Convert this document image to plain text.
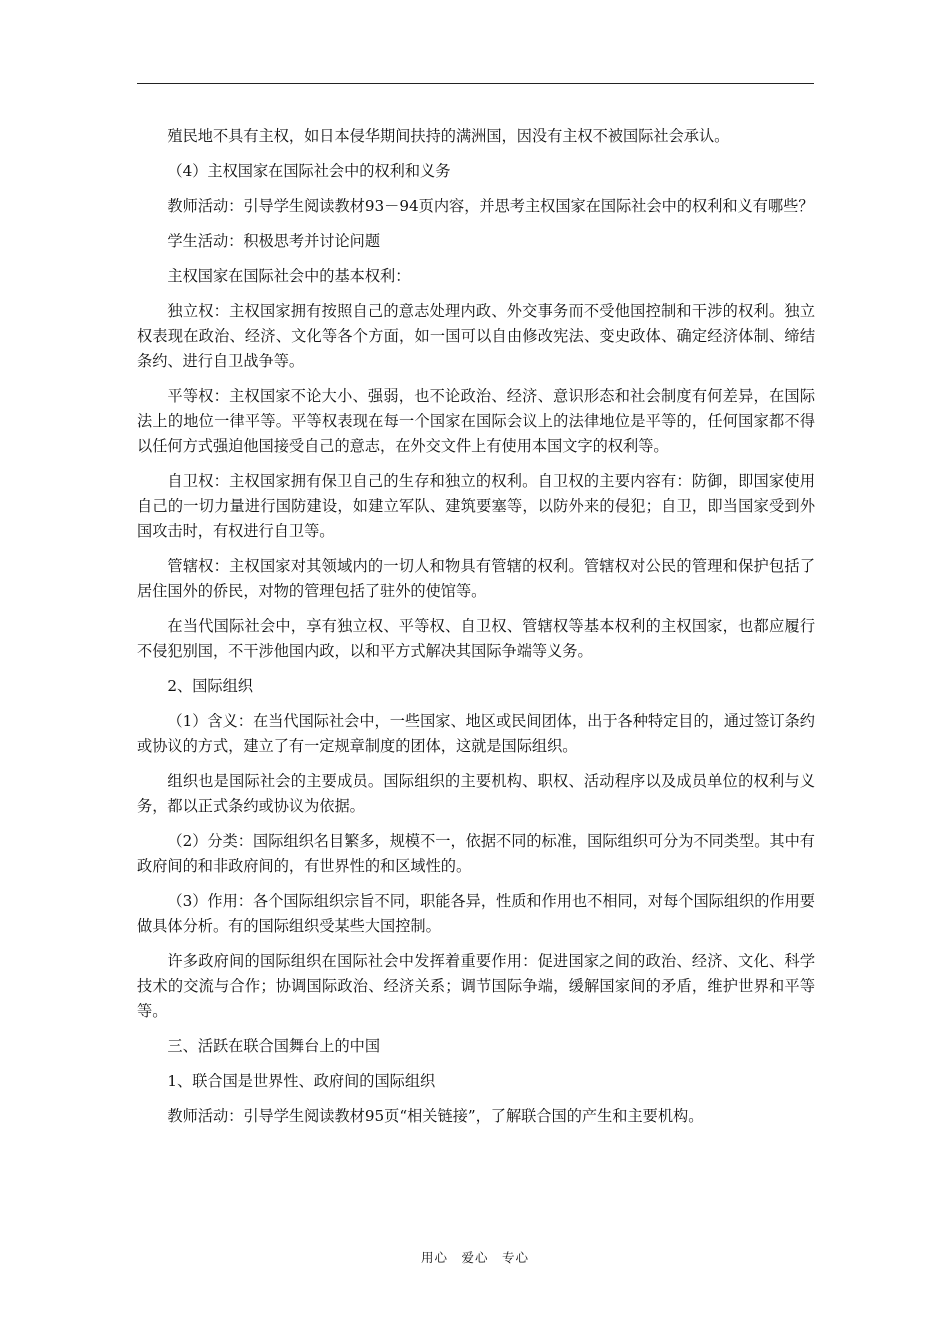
殖民地不具有主权，如日本侵华期间扶持的满洲国，因没有主权不被国际社会承认。

（4）主权国家在国际社会中的权利和义务

教师活动：引导学生阅读教材93－94页内容，并思考主权国家在国际社会中的权利和义有哪些？

学生活动：积极思考并讨论问题

主权国家在国际社会中的基本权利：

独立权：主权国家拥有按照自己的意志处理内政、外交事务而不受他国控制和干涉的权利。独立权表现在政治、经济、文化等各个方面，如一国可以自由修改宪法、变史政体、确定经济体制、缔结条约、进行自卫战争等。

平等权：主权国家不论大小、强弱，也不论政治、经济、意识形态和社会制度有何差异，在国际法上的地位一律平等。平等权表现在每一个国家在国际会议上的法律地位是平等的，任何国家都不得以任何方式强迫他国接受自己的意志，在外交文件上有使用本国文字的权利等。

自卫权：主权国家拥有保卫自己的生存和独立的权利。自卫权的主要内容有：防御，即国家使用自己的一切力量进行国防建设，如建立军队、建筑要塞等，以防外来的侵犯；自卫，即当国家受到外国攻击时，有权进行自卫等。

管辖权：主权国家对其领域内的一切人和物具有管辖的权利。管辖权对公民的管理和保护包括了居住国外的侨民，对物的管理包括了驻外的使馆等。

在当代国际社会中，享有独立权、平等权、自卫权、管辖权等基本权利的主权国家，也都应履行不侵犯别国，不干涉他国内政，以和平方式解决其国际争端等义务。

2、国际组织

（1）含义：在当代国际社会中，一些国家、地区或民间团体，出于各种特定目的，通过签订条约或协议的方式，建立了有一定规章制度的团体，这就是国际组织。

组织也是国际社会的主要成员。国际组织的主要机构、职权、活动程序以及成员单位的权利与义务，都以正式条约或协议为依据。

（2）分类：国际组织名目繁多，规模不一，依据不同的标准，国际组织可分为不同类型。其中有政府间的和非政府间的，有世界性的和区域性的。

（3）作用：各个国际组织宗旨不同，职能各异，性质和作用也不相同，对每个国际组织的作用要做具体分析。有的国际组织受某些大国控制。

许多政府间的国际组织在国际社会中发挥着重要作用：促进国家之间的政治、经济、文化、科学技术的交流与合作；协调国际政治、经济关系；调节国际争端，缓解国家间的矛盾，维护世界和平等等。

三、活跃在联合国舞台上的中国

1、联合国是世界性、政府间的国际组织

教师活动：引导学生阅读教材95页“相关链接”，了解联合国的产生和主要机构。

用心　爱心　专心
